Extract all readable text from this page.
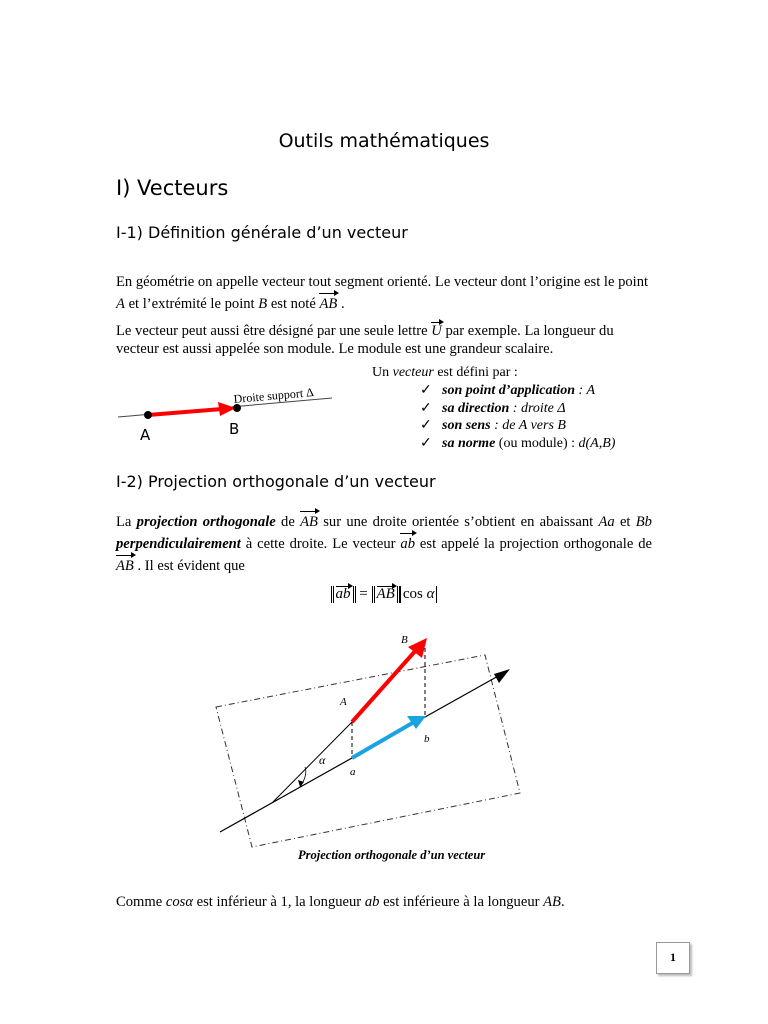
Outils mathématiques
I) Vecteurs
I-1) Définition générale d’un vecteur
En géométrie on appelle vecteur tout segment orienté. Le vecteur dont l’origine est le point A et l’extrémité le point B est noté AB .
Le vecteur peut aussi être désigné par une seule lettre U par exemple. La longueur du vecteur est aussi appelée son module. Le module est une grandeur scalaire.
Droite support Δ
A	B
Un vecteur est défini par :
✓ son point d’application : A
✓ sa direction : droite Δ
✓ son sens : de A vers B
✓ sa norme (ou module) : d(A,B)
I-2) Projection orthogonale d’un vecteur
La projection orthogonale de AB sur une droite orientée s’obtient en abaissant Aa et Bb perpendiculairement à cette droite. Le vecteur ab est appelé la projection orthogonale de AB . Il est évident que
ab = AB cos α
B
A
a
b
α
Projection orthogonale d’un vecteur
Comme cosα est inférieur à 1, la longueur ab est inférieure à la longueur AB.
1
